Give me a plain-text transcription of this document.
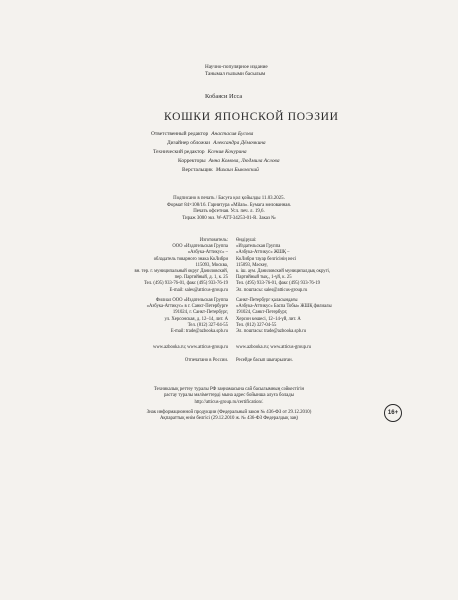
Научно-популярное издание
Танымал ғылыми басылым
Кобаяси Исса
КОШКИ ЯПОНСКОЙ ПОЭЗИИ
Ответственный редактор Анастасия Бусова
Дизайнер обложки Александра Дёмочкина
Технический редактор Ксения Кочурина
Корректоры Анна Комова, Людмила Аслова
Верстальщик Михаил Быковский
Подписано в печать / Басуға қол қойылды 11.03.2025.
Формат 84×108/16. Гарнитура «Milan». Бумага мелованная.
Печать офсетная. Усл. печ. л. 19,6.
Тираж 3000 экз. W-ATT-34253-01-R. Заказ №
Изготовитель:
ООО «Издательская Группа
«Азбука-Аттикус» –
обладатель товарного знака КоЛибри
115093, Москва,
вн. тер. г. муниципальный округ Даниловский,
пер. Партийный, д. 1, к. 25
Тел. (495) 933-76-01, факс (495) 933-76-19
E-mail: sales@atticus-group.ru
Филиал ООО «Издательская Группа
«Азбука-Аттикус» в г. Санкт-Петербурге
191024, г. Санкт-Петербург,
ул. Херсонская, д. 12–14, лит. А
Тел. (812) 327-04-55
E-mail: trade@azbooka.spb.ru
www.azbooka.ru; www.atticus-group.ru
Отпечатано в России.
Өндіруші:
«Издательская Группа
«Азбука-Аттикус» ЖШҚ –
КоЛибри тауар белгісінің иесі
115093, Мәскеу,
к. іш. аум. Даниловский муниципалдық округі,
Партийный тық., 1-үй, к. 25
Тел. (495) 933-76-01, факс (495) 933-76-19
Эл. поштасы: sales@atticus-group.ru
Санкт-Петербург қаласындағы
«Азбука-Аттикус» Баспа Тобы» ЖШҚ филиалы
191024, Санкт-Петербург,
Херсон көшесі, 12–14-үй, лит. А
Тел. (812) 327-04-55
Эл. поштасы: trade@azbooka.spb.ru
www.azbooka.ru; www.atticus-group.ru
Ресейде басып шығарылған.
Техникалық реттеу туралы РФ заңнамасына сай басылымның сәйкестігін
растау туралы мәліметтерді мына адрес бойынша алуға болады
http://atticus-group.ru/certification/.
Знак информационной продукции (Федеральный закон № 436-ФЗ от 29.12.2010)
Ақпараттық өнім белгісі (29.12.2010 ж. № 436-ФЗ Федералдық заң)
16+
